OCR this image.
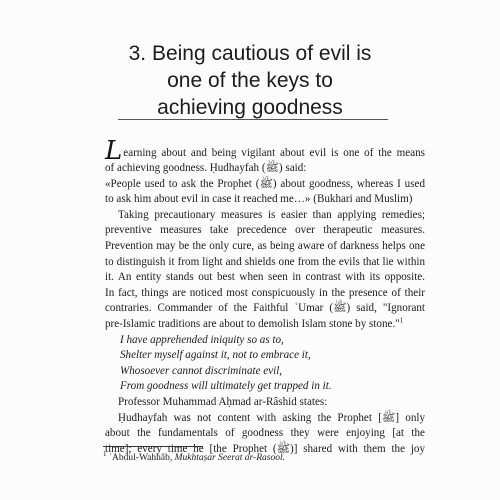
3. Being cautious of evil is
one of the keys to
achieving goodness
Learning about and being vigilant about evil is one of the means
of achieving goodness. Ḥudhayfah (ﷺ) said:
«People used to ask the Prophet (ﷺ) about goodness, whereas I used
to ask him about evil in case it reached me…» (Bukhari and Muslim)
Taking precautionary measures is easier than applying remedies;
preventive measures take precedence over therapeutic measures.
Prevention may be the only cure, as being aware of darkness helps one
to distinguish it from light and shields one from the evils that lie within
it. An entity stands out best when seen in contrast with its opposite.
In fact, things are noticed most conspicuously in the presence of their
contraries. Commander of the Faithful ʿUmar (ﷺ) said, "Ignorant
pre-Islamic traditions are about to demolish Islam stone by stone."$^1$
I have apprehended iniquity so as to,
Shelter myself against it, not to embrace it,
Whosoever cannot discriminate evil,
From goodness will ultimately get trapped in it.
Professor Muhammad Aḥmad ar-Râshid states:
Ḥudhayfah was not content with asking the Prophet [ﷺ] only
about the fundamentals of goodness they were enjoying [at the
time]; every time he [the Prophet (ﷺ)] shared with them the joy
$^1$ ʿAbdul-Wahhâb, Mukhtaṣar Seerat ar-Rasool.
